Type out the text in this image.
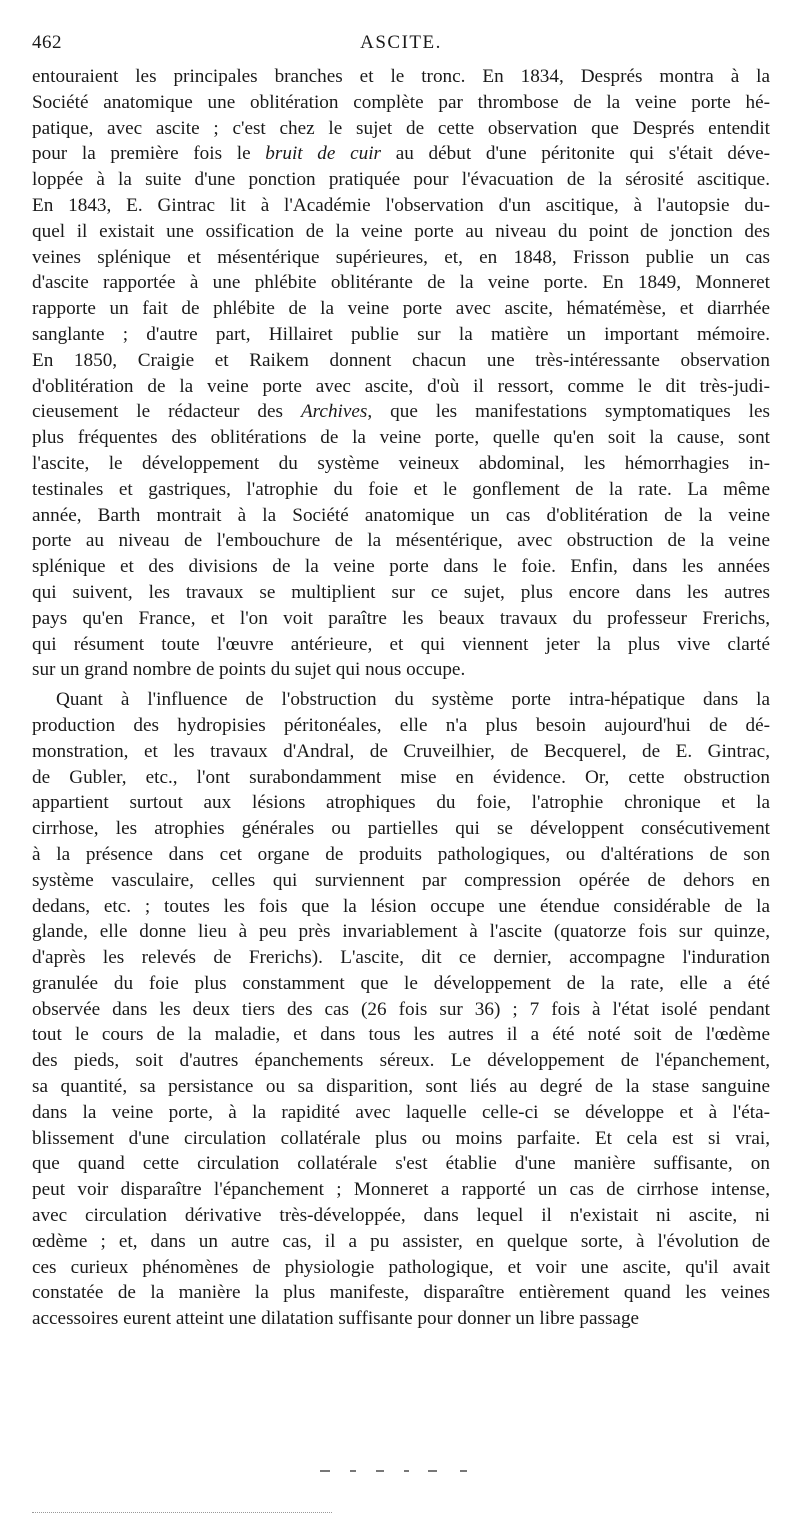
462	ASCITE.
entouraient les principales branches et le tronc. En 1834, Després montra à la
Société anatomique une oblitération complète par thrombose de la veine porte hé-
patique, avec ascite ; c'est chez le sujet de cette observation que Després entendit
pour la première fois le bruit de cuir au début d'une péritonite qui s'était déve-
loppée à la suite d'une ponction pratiquée pour l'évacuation de la sérosité ascitique.
En 1843, E. Gintrac lit à l'Académie l'observation d'un ascitique, à l'autopsie du-
quel il existait une ossification de la veine porte au niveau du point de jonction des
veines splénique et mésentérique supérieures, et, en 1848, Frisson publie un cas
d'ascite rapportée à une phlébite oblitérante de la veine porte. En 1849, Monneret
rapporte un fait de phlébite de la veine porte avec ascite, hématémèse, et diarrhée
sanglante ; d'autre part, Hillairet publie sur la matière un important mémoire.
En 1850, Craigie et Raikem donnent chacun une très-intéressante observation
d'oblitération de la veine porte avec ascite, d'où il ressort, comme le dit très-judi-
cieusement le rédacteur des Archives, que les manifestations symptomatiques les
plus fréquentes des oblitérations de la veine porte, quelle qu'en soit la cause, sont
l'ascite, le développement du système veineux abdominal, les hémorrhagies in-
testinales et gastriques, l'atrophie du foie et le gonflement de la rate. La même
année, Barth montrait à la Société anatomique un cas d'oblitération de la veine
porte au niveau de l'embouchure de la mésentérique, avec obstruction de la veine
splénique et des divisions de la veine porte dans le foie. Enfin, dans les années
qui suivent, les travaux se multiplient sur ce sujet, plus encore dans les autres
pays qu'en France, et l'on voit paraître les beaux travaux du professeur Frerichs,
qui résument toute l'œuvre antérieure, et qui viennent jeter la plus vive clarté
sur un grand nombre de points du sujet qui nous occupe.
Quant à l'influence de l'obstruction du système porte intra-hépatique dans la
production des hydropisies péritonéales, elle n'a plus besoin aujourd'hui de dé-
monstration, et les travaux d'Andral, de Cruveilhier, de Becquerel, de E. Gintrac,
de Gubler, etc., l'ont surabondamment mise en évidence. Or, cette obstruction
appartient surtout aux lésions atrophiques du foie, l'atrophie chronique et la
cirrhose, les atrophies générales ou partielles qui se développent consécutivement
à la présence dans cet organe de produits pathologiques, ou d'altérations de son
système vasculaire, celles qui surviennent par compression opérée de dehors en
dedans, etc. ; toutes les fois que la lésion occupe une étendue considérable de la
glande, elle donne lieu à peu près invariablement à l'ascite (quatorze fois sur quinze,
d'après les relevés de Frerichs). L'ascite, dit ce dernier, accompagne l'induration
granulée du foie plus constamment que le développement de la rate, elle a été
observée dans les deux tiers des cas (26 fois sur 36) ; 7 fois à l'état isolé pendant
tout le cours de la maladie, et dans tous les autres il a été noté soit de l'œdème
des pieds, soit d'autres épanchements séreux. Le développement de l'épanchement,
sa quantité, sa persistance ou sa disparition, sont liés au degré de la stase sanguine
dans la veine porte, à la rapidité avec laquelle celle-ci se développe et à l'éta-
blissement d'une circulation collatérale plus ou moins parfaite. Et cela est si vrai,
que quand cette circulation collatérale s'est établie d'une manière suffisante, on
peut voir disparaître l'épanchement ; Monneret a rapporté un cas de cirrhose intense,
avec circulation dérivative très-développée, dans lequel il n'existait ni ascite, ni
œdème ; et, dans un autre cas, il a pu assister, en quelque sorte, à l'évolution de
ces curieux phénomènes de physiologie pathologique, et voir une ascite, qu'il avait
constatée de la manière la plus manifeste, disparaître entièrement quand les veines
accessoires eurent atteint une dilatation suffisante pour donner un libre passage
